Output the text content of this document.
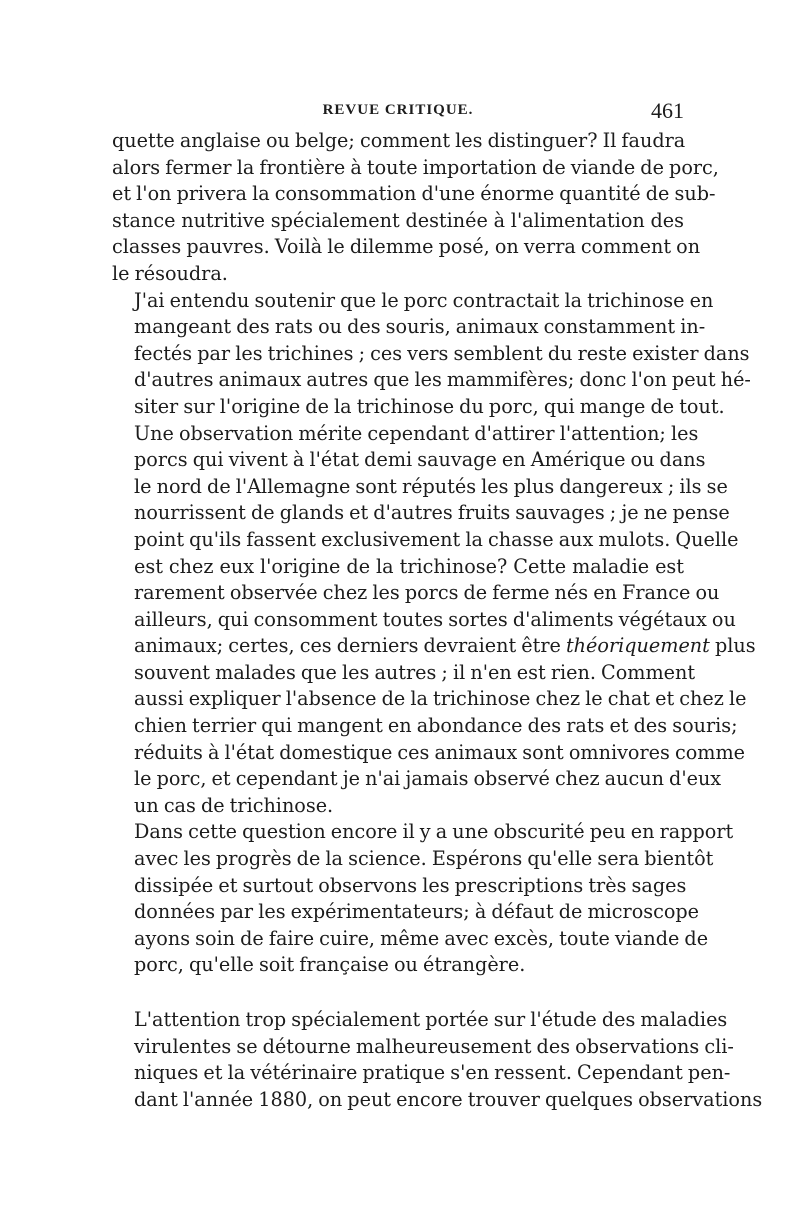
REVUE CRITIQUE.	461

quette anglaise ou belge; comment les distinguer? Il faudra
alors fermer la frontière à toute importation de viande de porc,
et l'on privera la consommation d'une énorme quantité de sub-
stance nutritive spécialement destinée à l'alimentation des
classes pauvres. Voilà le dilemme posé, on verra comment on
le résoudra.

J'ai entendu soutenir que le porc contractait la trichinose en
mangeant des rats ou des souris, animaux constamment in-
fectés par les trichines ; ces vers semblent du reste exister dans
d'autres animaux autres que les mammifères; donc l'on peut hé-
siter sur l'origine de la trichinose du porc, qui mange de tout.
Une observation mérite cependant d'attirer l'attention; les
porcs qui vivent à l'état demi sauvage en Amérique ou dans
le nord de l'Allemagne sont réputés les plus dangereux ; ils se
nourrissent de glands et d'autres fruits sauvages ; je ne pense
point qu'ils fassent exclusivement la chasse aux mulots. Quelle
est chez eux l'origine de la trichinose? Cette maladie est
rarement observée chez les porcs de ferme nés en France ou
ailleurs, qui consomment toutes sortes d'aliments végétaux ou
animaux; certes, ces derniers devraient être théoriquement plus
souvent malades que les autres ; il n'en est rien. Comment
aussi expliquer l'absence de la trichinose chez le chat et chez le
chien terrier qui mangent en abondance des rats et des souris;
réduits à l'état domestique ces animaux sont omnivores comme
le porc, et cependant je n'ai jamais observé chez aucun d'eux
un cas de trichinose.

Dans cette question encore il y a une obscurité peu en rapport
avec les progrès de la science. Espérons qu'elle sera bientôt
dissipée et surtout observons les prescriptions très sages
données par les expérimentateurs; à défaut de microscope
ayons soin de faire cuire, même avec excès, toute viande de
porc, qu'elle soit française ou étrangère.

L'attention trop spécialement portée sur l'étude des maladies
virulentes se détourne malheureusement des observations cli-
niques et la vétérinaire pratique s'en ressent. Cependant pen-
dant l'année 1880, on peut encore trouver quelques observations
